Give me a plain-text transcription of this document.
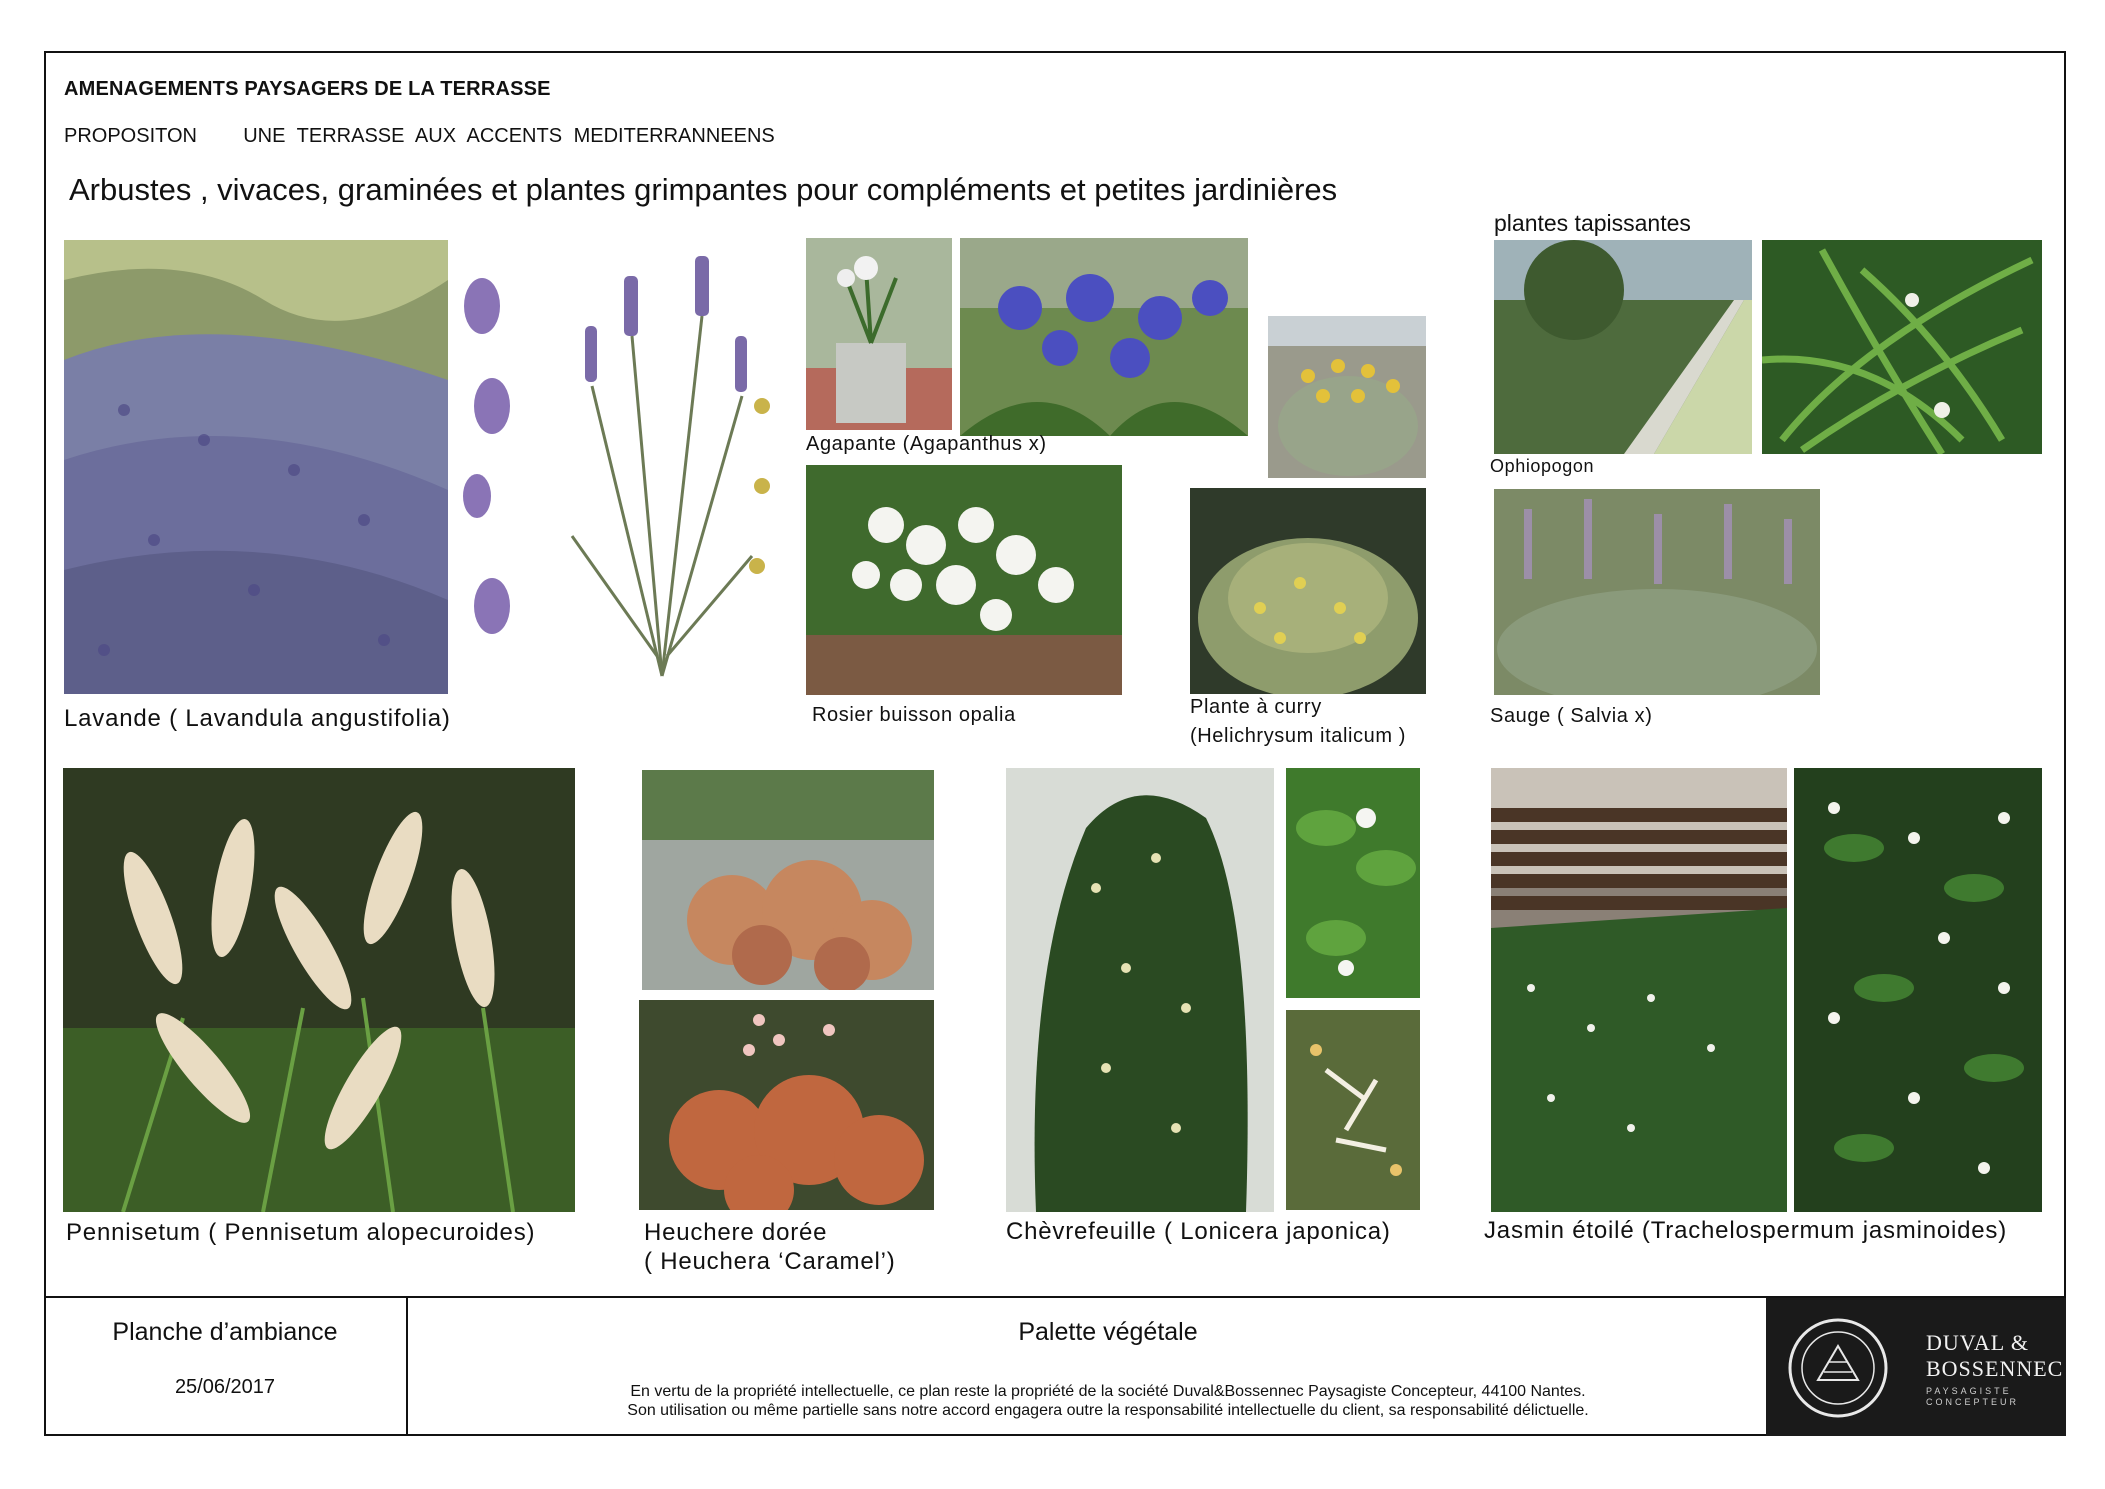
AMENAGEMENTS PAYSAGERS DE LA TERRASSE
PROPOSITON UNE TERRASSE AUX ACCENTS MEDITERRANNEENS
Arbustes , vivaces, graminées et plantes grimpantes pour compléments et petites jardinières
plantes tapissantes
Lavande ( Lavandula angustifolia)
Agapante (Agapanthus x)
Rosier buisson opalia	Plante à curry
(Helichrysum italicum )
Ophiopogon
Sauge ( Salvia x)
Pennisetum ( Pennisetum alopecuroides)	Heuchere dorée
( Heuchera ‘Caramel’)
Chèvrefeuille ( Lonicera japonica)	Jasmin étoilé (Trachelospermum jasminoides)
Planche d’ambiance
25/06/2017
Palette végétale
En vertu de la propriété intellectuelle, ce plan reste la propriété de la société Duval&Bossennec Paysagiste Concepteur, 44100 Nantes.
Son utilisation ou même partielle sans notre accord engagera outre la responsabilité intellectuelle du client, sa responsabilité délictuelle.
DUVAL &
BOSSENNEC
PAYSAGISTE
CONCEPTEUR
